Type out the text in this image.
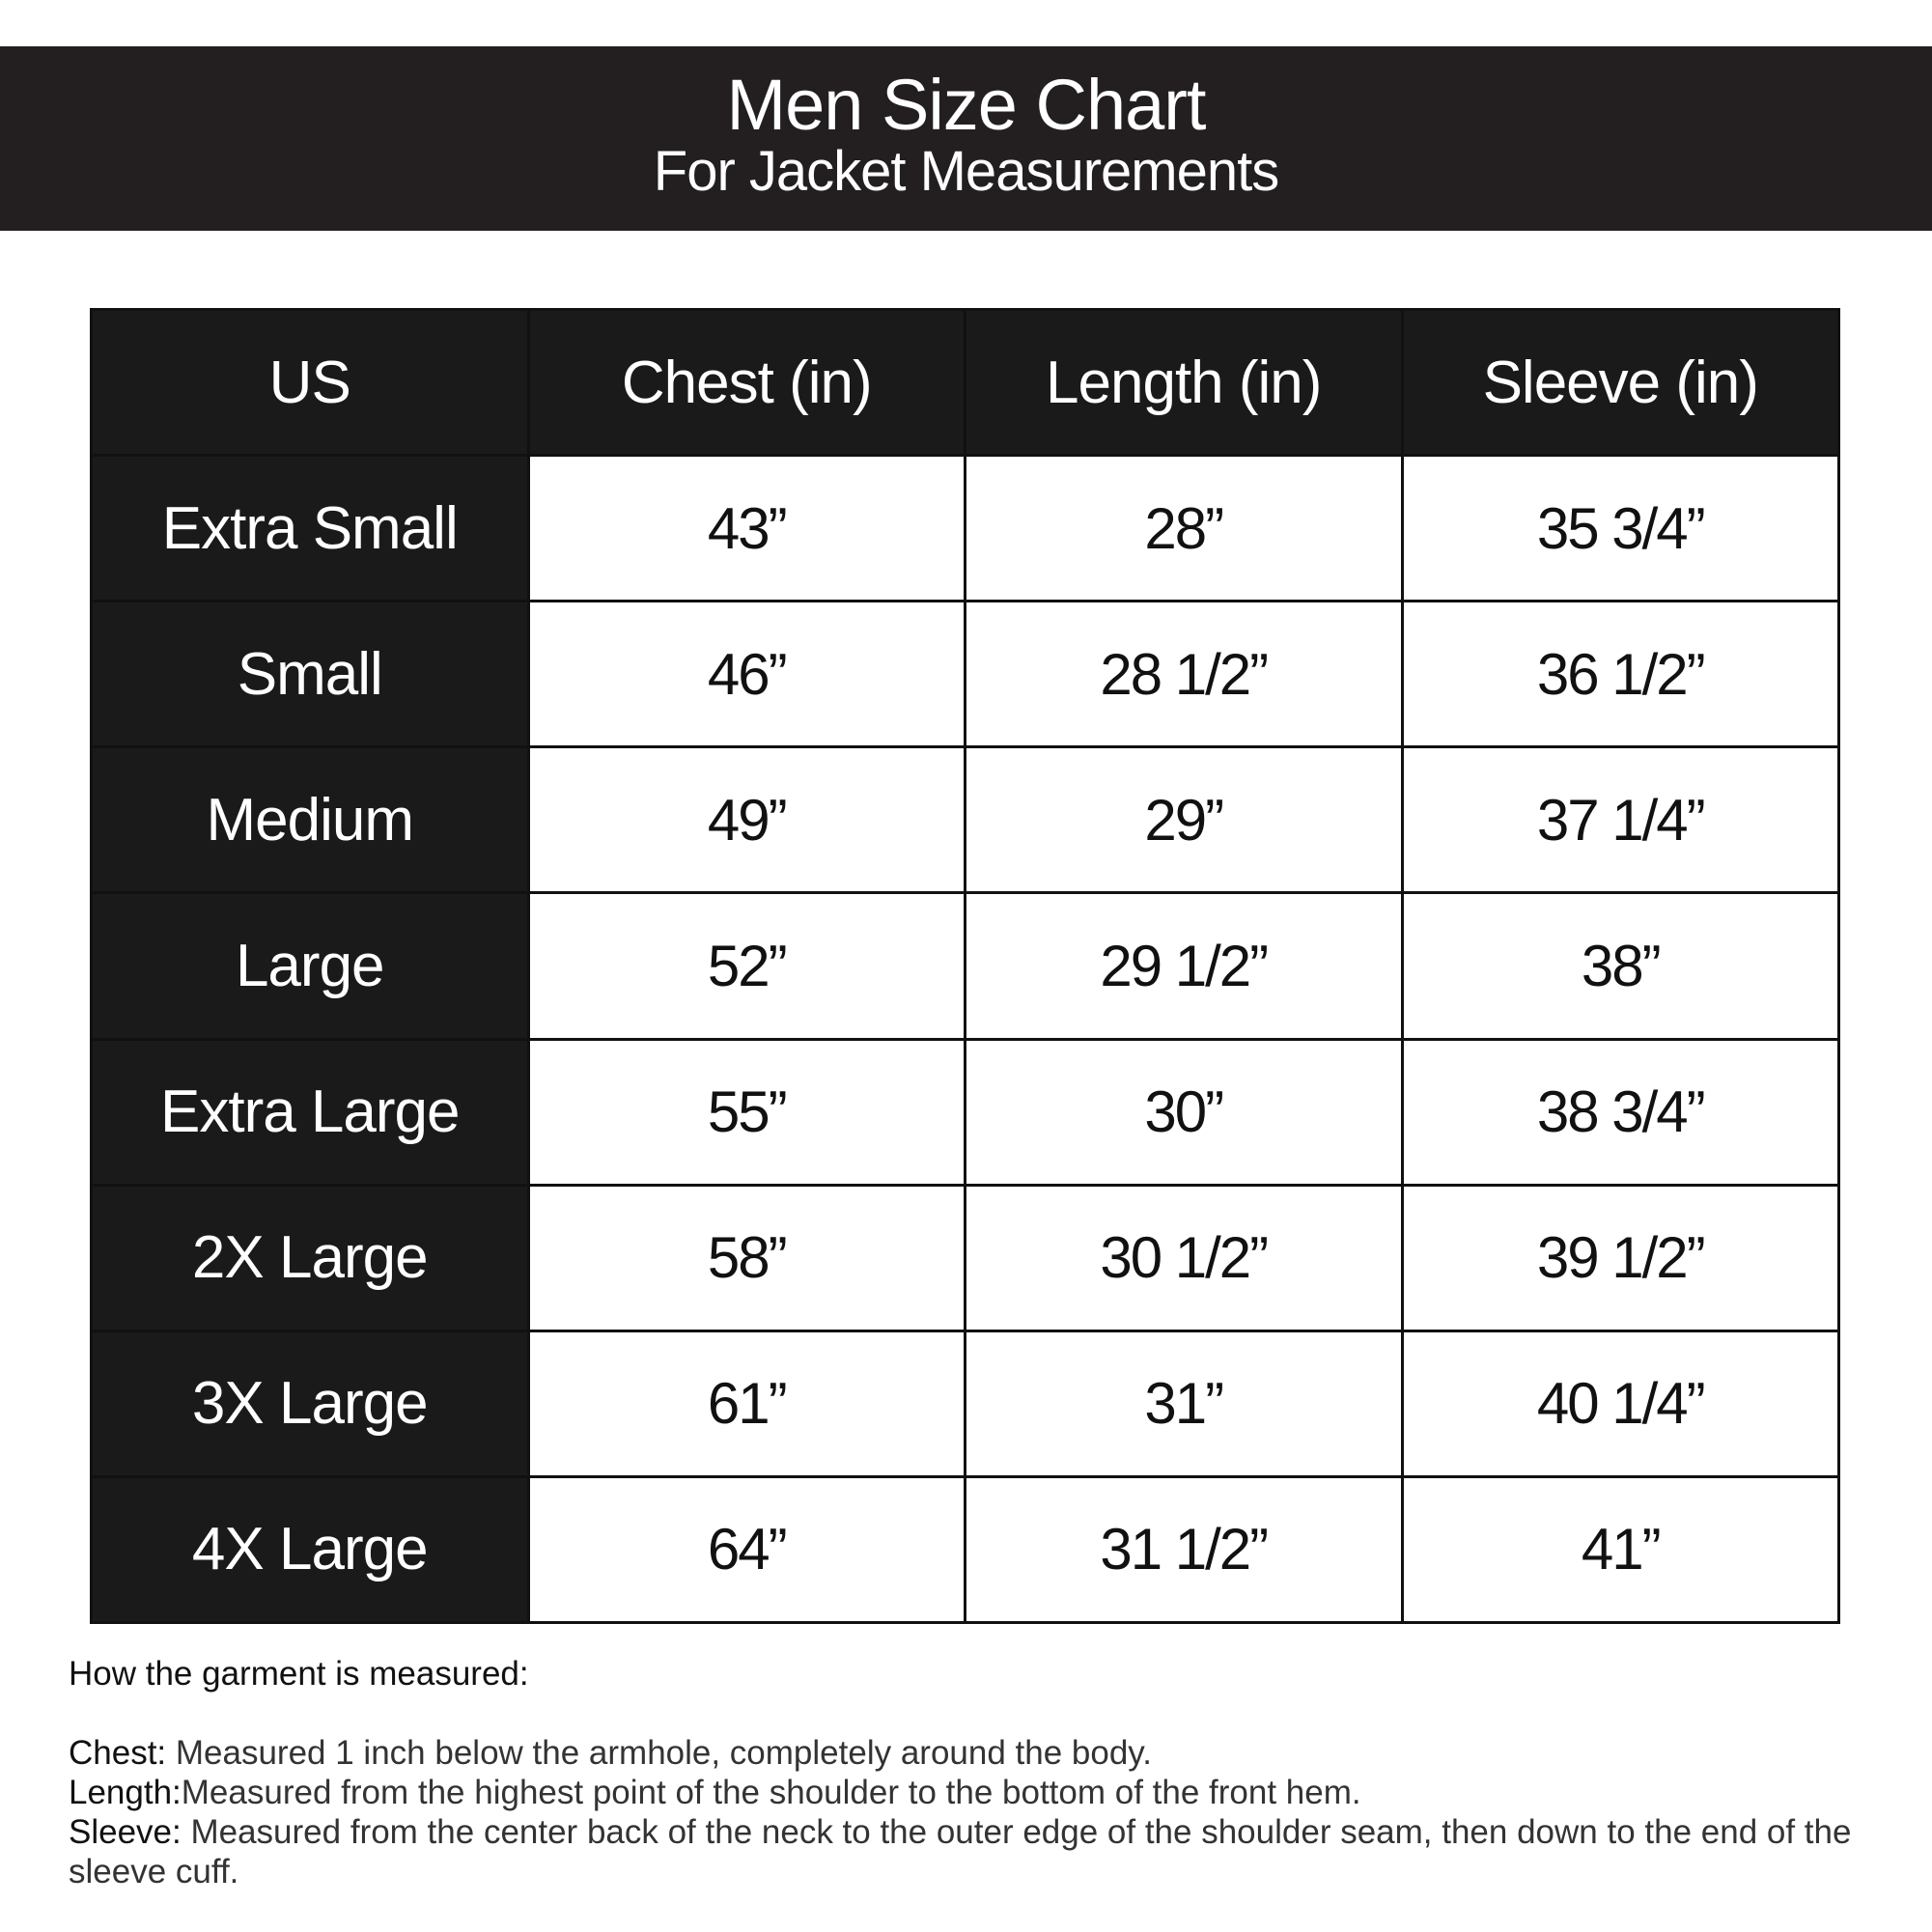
Men Size Chart
For Jacket Measurements
US	Chest (in)	Length (in)	Sleeve (in)
Extra Small	43”	28”	35 3/4”
Small	46”	28 1/2”	36 1/2”
Medium	49”	29”	37 1/4”
Large	52”	29 1/2”	38”
Extra Large	55”	30”	38 3/4”
2X Large	58”	30 1/2”	39 1/2”
3X Large	61”	31”	40 1/4”
4X Large	64”	31 1/2”	41”

How the garment is measured:

Chest: Measured 1 inch below the armhole, completely around the body.

Length:Measured from the highest point of the shoulder to the bottom of the front hem.

Sleeve: Measured from the center back of the neck to the outer edge of the shoulder seam, then down to the end of the sleeve cuff.
